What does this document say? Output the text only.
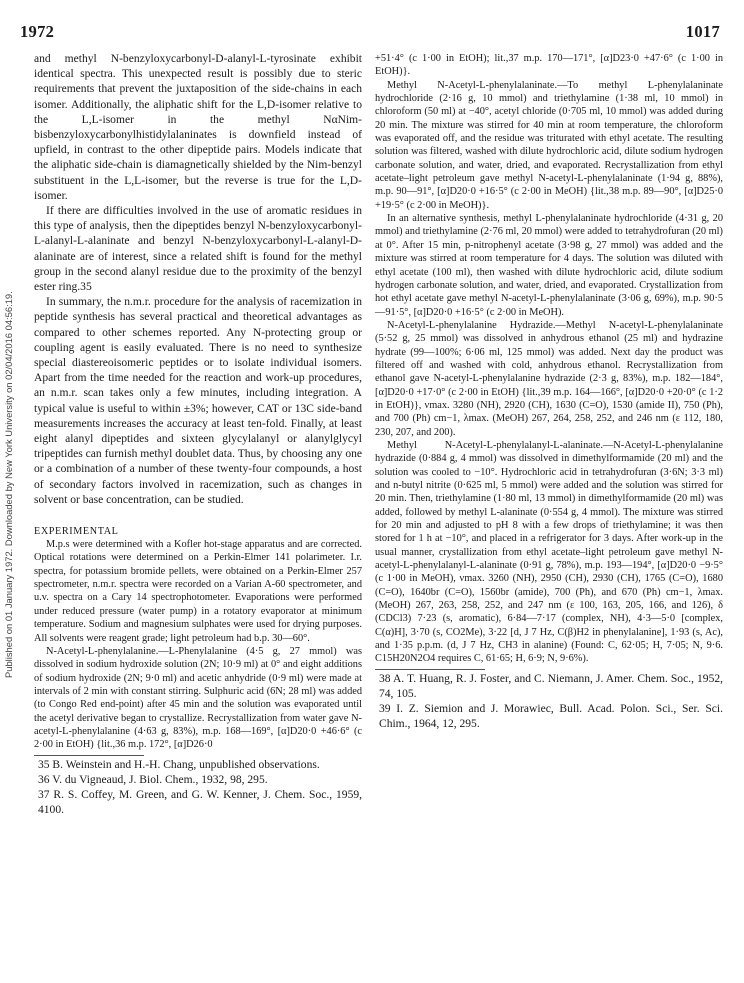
1972	1017
Published on 01 January 1972. Downloaded by New York University on 02/04/2016 04:56:19.

and methyl N-benzyloxycarbonyl-D-alanyl-L-tyrosinate exhibit identical spectra. This unexpected result is possibly due to steric requirements that prevent the juxtaposition of the side-chains in each isomer. Additionally, the aliphatic shift for the L,D-isomer relative to the L,L-isomer in the methyl NαNim-bisbenzyloxycarbonylhistidylalaninates is downfield instead of upfield, in contrast to the other dipeptide pairs. Models indicate that the aliphatic side-chain is diamagnetically shielded by the Nim-benzyl substituent in the L,L-isomer, but the reverse is true for the L,D-isomer.

If there are difficulties involved in the use of aromatic residues in this type of analysis, then the dipeptides benzyl N-benzyloxycarbonyl-L-alanyl-L-alaninate and benzyl N-benzyloxycarbonyl-L-alanyl-D-alaninate are of interest, since a related shift is found for the methyl group in the second alanyl residue due to the proximity of the benzyl ester ring.35

In summary, the n.m.r. procedure for the analysis of racemization in peptide synthesis has several practical and theoretical advantages as compared to other schemes reported. Any N-protecting group or coupling agent is easily evaluated. There is no need to synthesize special diastereoisomeric peptides or to isolate individual isomers. Apart from the time needed for the reaction and work-up procedures, an n.m.r. scan takes only a few minutes, including integration. A typical value is useful to within ±3%; however, CAT or 13C side-band measurements increases the accuracy at least ten-fold. Finally, at least eight alanyl dipeptides and sixteen glycylalanyl or alanylglycyl tripeptides can furnish methyl doublet data. Thus, by choosing any one or a combination of a number of these twenty-four compounds, a host of secondary factors involved in racemization, such as changes in solvent or base concentration, can be studied.

EXPERIMENTAL

M.p.s were determined with a Kofler hot-stage apparatus and are corrected. Optical rotations were determined on a Perkin-Elmer 141 polarimeter. I.r. spectra, for potassium bromide pellets, were obtained on a Perkin-Elmer 257 spectrometer, n.m.r. spectra were recorded on a Varian A-60 spectrometer, and u.v. spectra on a Cary 14 spectrophotometer. Evaporations were performed under reduced pressure (water pump) in a rotatory evaporator at minimum temperature. Sodium and magnesium sulphates were used for drying purposes. All solvents were reagent grade; light petroleum had b.p. 30—60°.

N-Acetyl-L-phenylalanine.—L-Phenylalanine (4·5 g, 27 mmol) was dissolved in sodium hydroxide solution (2N; 10·9 ml) at 0° and eight additions of sodium hydroxide (2N; 9·0 ml) and acetic anhydride (0·9 ml) were made at intervals of 2 min with constant stirring. Sulphuric acid (6N; 28 ml) was added (to Congo Red end-point) after 45 min and the solution was evaporated until the acetyl derivative began to crystallize. Recrystallization from water gave N-acetyl-L-phenylalanine (4·63 g, 83%), m.p. 168—169°, [α]D20·0 +46·6° (c 2·00 in EtOH) {lit.,36 m.p. 172°, [α]D26·0

35 B. Weinstein and H.-H. Chang, unpublished observations.

36 V. du Vigneaud, J. Biol. Chem., 1932, 98, 295.

37 R. S. Coffey, M. Green, and G. W. Kenner, J. Chem. Soc., 1959, 4100.

+51·4° (c 1·00 in EtOH); lit.,37 m.p. 170—171°, [α]D23·0 +47·6° (c 1·00 in EtOH)}.

Methyl N-Acetyl-L-phenylalaninate.—To methyl L-phenylalaninate hydrochloride (2·16 g, 10 mmol) and triethylamine (1·38 ml, 10 mmol) in chloroform (50 ml) at −40°, acetyl chloride (0·705 ml, 10 mmol) was added during 20 min. The mixture was stirred for 40 min at room temperature, the chloroform was evaporated off, and the residue was triturated with ethyl acetate. The resulting solution was filtered, washed with dilute hydrochloric acid, dilute sodium hydrogen carbonate solution, and water, dried, and evaporated. Recrystallization from ethyl acetate–light petroleum gave methyl N-acetyl-L-phenylalaninate (1·94 g, 88%), m.p. 90—91°, [α]D20·0 +16·5° (c 2·00 in MeOH) {lit.,38 m.p. 89—90°, [α]D25·0 +19·5° (c 2·00 in MeOH)}.

In an alternative synthesis, methyl L-phenylalaninate hydrochloride (4·31 g, 20 mmol) and triethylamine (2·76 ml, 20 mmol) were added to tetrahydrofuran (20 ml) at 0°. After 15 min, p-nitrophenyl acetate (3·98 g, 27 mmol) was added and the mixture was stirred at room temperature for 4 days. The solution was diluted with ethyl acetate (100 ml), then washed with dilute hydrochloric acid, dilute sodium hydrogen carbonate solution, and water, dried, and evaporated. Crystallization from hot ethyl acetate gave methyl N-acetyl-L-phenylalaninate (3·06 g, 69%), m.p. 90·5—91·5°, [α]D20·0 +16·5° (c 2·00 in MeOH).

N-Acetyl-L-phenylalanine Hydrazide.—Methyl N-acetyl-L-phenylalaninate (5·52 g, 25 mmol) was dissolved in anhydrous ethanol (25 ml) and hydrazine hydrate (99—100%; 6·06 ml, 125 mmol) was added. Next day the product was filtered off and washed with cold, anhydrous ethanol. Recrystallization from ethanol gave N-acetyl-L-phenylalanine hydrazide (2·3 g, 83%), m.p. 182—184°, [α]D20·0 +17·0° (c 2·00 in EtOH) {lit.,39 m.p. 164—166°, [α]D20·0 +20·0° (c 1·2 in EtOH)}, νmax. 3280 (NH), 2920 (CH), 1630 (C=O), 1530 (amide II), 750 (Ph), and 700 (Ph) cm−1, λmax. (MeOH) 267, 264, 258, 252, and 246 nm (ε 112, 180, 230, 207, and 200).

Methyl N-Acetyl-L-phenylalanyl-L-alaninate.—N-Acetyl-L-phenylalanine hydrazide (0·884 g, 4 mmol) was dissolved in dimethylformamide (20 ml) and the solution was cooled to −10°. Hydrochloric acid in tetrahydrofuran (3·6N; 3·3 ml) and n-butyl nitrite (0·625 ml, 5 mmol) were added and the solution was stirred for 20 min. Then, triethylamine (1·80 ml, 13 mmol) in dimethylformamide (20 ml) was added, followed by methyl L-alaninate (0·554 g, 4 mmol). The mixture was stirred for 20 min and adjusted to pH 8 with a few drops of triethylamine; it was then stored for 1 h at −10°, and placed in a refrigerator for 3 days. After work-up in the usual manner, crystallization from ethyl acetate–light petroleum gave methyl N-acetyl-L-phenylalanyl-L-alaninate (0·91 g, 78%), m.p. 193—194°, [α]D20·0 −9·5° (c 1·00 in MeOH), νmax. 3260 (NH), 2950 (CH), 2930 (CH), 1765 (C=O), 1680 (C=O), 1640br (C=O), 1560br (amide), 700 (Ph), and 670 (Ph) cm−1, λmax. (MeOH) 267, 263, 258, 252, and 247 nm (ε 100, 163, 205, 166, and 126), δ (CDCl3) 7·23 (s, aromatic), 6·84—7·17 (complex, NH), 4·3—5·0 [complex, C(α)H], 3·70 (s, CO2Me), 3·22 [d, J 7 Hz, C(β)H2 in phenylalanine], 1·93 (s, Ac), and 1·35 p.p.m. (d, J 7 Hz, CH3 in alanine) (Found: C, 62·05; H, 7·05; N, 9·6. C15H20N2O4 requires C, 61·65; H, 6·9; N, 9·6%).

38 A. T. Huang, R. J. Foster, and C. Niemann, J. Amer. Chem. Soc., 1952, 74, 105.

39 I. Z. Siemion and J. Morawiec, Bull. Acad. Polon. Sci., Ser. Sci. Chim., 1964, 12, 295.
